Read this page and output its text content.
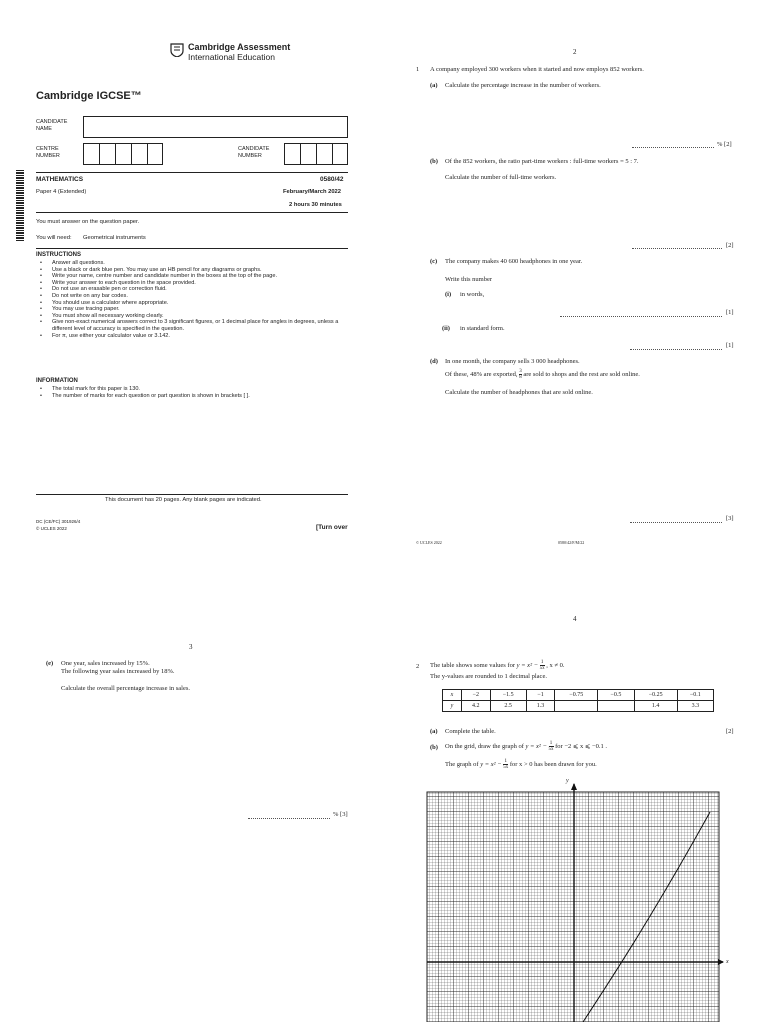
Cambridge Assessment
International Education
Cambridge IGCSE™
CANDIDATE NAME
CENTRE NUMBER
CANDIDATE NUMBER
MATHEMATICS	0580/42
Paper 4 (Extended)	February/March 2022
2 hours 30 minutes
You must answer on the question paper.
You will need: Geometrical instruments
INSTRUCTIONS
• Answer all questions.
• Use a black or dark blue pen. You may use an HB pencil for any diagrams or graphs.
• Write your name, centre number and candidate number in the boxes at the top of the page.
• Write your answer to each question in the space provided.
• Do not use an erasable pen or correction fluid.
• Do not write on any bar codes.
• You should use a calculator where appropriate.
• You may use tracing paper.
• You must show all necessary working clearly.
• Give non-exact numerical answers correct to 3 significant figures, or 1 decimal place for angles in degrees, unless a different level of accuracy is specified in the question.
• For π, use either your calculator value or 3.142.
INFORMATION
• The total mark for this paper is 130.
• The number of marks for each question or part question is shown in brackets [ ].
This document has 20 pages. Any blank pages are indicated.
DC (CE/FC) 301926/4
© UCLES 2022	[Turn over
2
1 A company employed 300 workers when it started and now employs 852 workers.
(a) Calculate the percentage increase in the number of workers.
% [2]
(b) Of the 852 workers, the ratio part-time workers : full-time workers = 5 : 7.
Calculate the number of full-time workers.
[2]
(c) The company makes 40 600 headphones in one year.
Write this number
(i) in words,
[1]
(ii) in standard form.
[1]
(d) In one month, the company sells 3 000 headphones.
Of these, 48% are exported, $\frac{3}{8}$ are sold to shops and the rest are sold online.
Calculate the number of headphones that are sold online.
[3]
© UCLES 2022	0580/42/F/M/22
3
(e) One year, sales increased by 15%.
The following year sales increased by 18%.
Calculate the overall percentage increase in sales.
% [3]
4
2 The table shows some values for $y = x^2 - \frac{1}{5x}$ , x ≠ 0.
The y-values are rounded to 1 decimal place.
x	−2	−1.5	−1	−0.75	−0.5	−0.25	−0.1
y	4.2	2.5	1.3			1.4	3.3
(a) Complete the table.	[2]
(b) On the grid, draw the graph of $y = x^2 - \frac{1}{5x}$ for −2 ⩽ x ⩽ −0.1 .
The graph of $y = x^2 - \frac{1}{5x}$ for x > 0 has been drawn for you.
y
x
